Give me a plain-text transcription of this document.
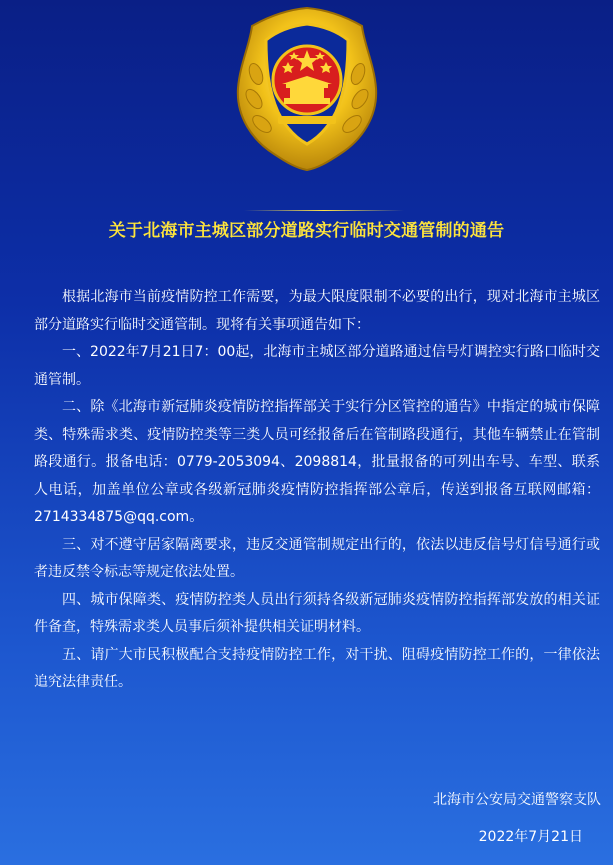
关于北海市主城区部分道路实行临时交通管制的通告

根据北海市当前疫情防控工作需要，为最大限度限制不必要的出行，现对北海市主城区部分道路实行临时交通管制。现将有关事项通告如下：

一、2022年7月21日7：00起，北海市主城区部分道路通过信号灯调控实行路口临时交通管制。

二、除《北海市新冠肺炎疫情防控指挥部关于实行分区管控的通告》中指定的城市保障类、特殊需求类、疫情防控类等三类人员可经报备后在管制路段通行，其他车辆禁止在管制路段通行。报备电话：0779-2053094、2098814，批量报备的可列出车号、车型、联系人电话，加盖单位公章或各级新冠肺炎疫情防控指挥部公章后，传送到报备互联网邮箱：2714334875@qq.com。

三、对不遵守居家隔离要求，违反交通管制规定出行的，依法以违反信号灯信号通行或者违反禁令标志等规定依法处置。

四、城市保障类、疫情防控类人员出行须持各级新冠肺炎疫情防控指挥部发放的相关证件备查，特殊需求类人员事后须补提供相关证明材料。

五、请广大市民积极配合支持疫情防控工作，对干扰、阻碍疫情防控工作的，一律依法追究法律责任。

北海市公安局交通警察支队
2022年7月21日
